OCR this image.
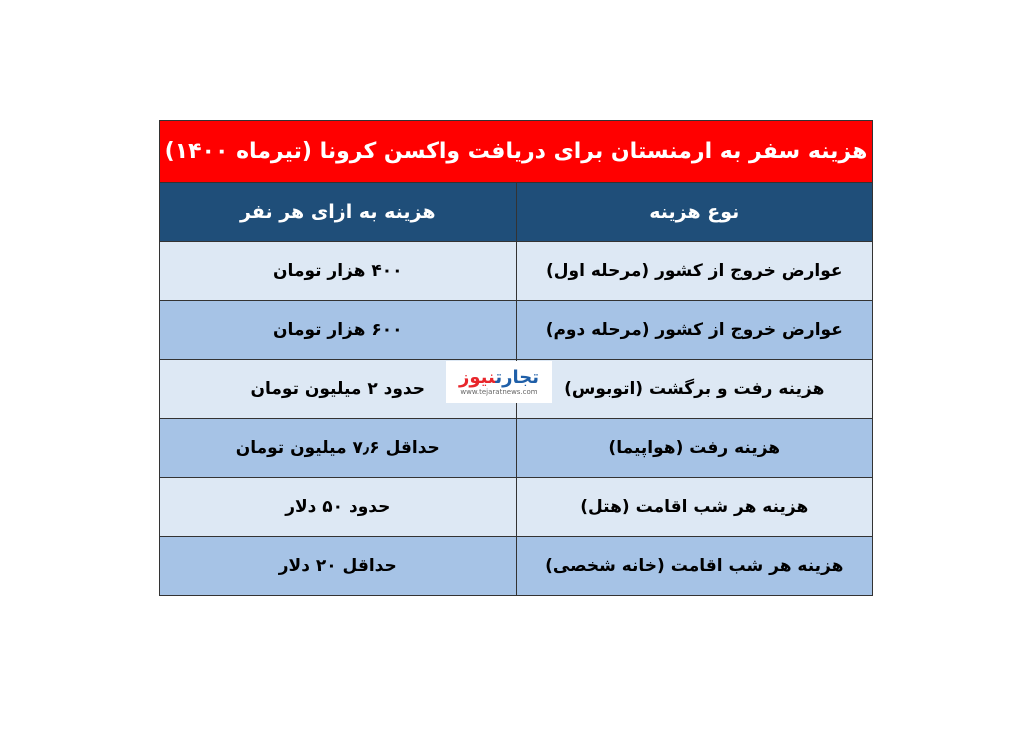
هزینه سفر به ارمنستان برای دریافت واکسن کرونا (تیرماه ۱۴۰۰)
نوع هزینه
هزینه به ازای هر نفر
عوارض خروج از کشور (مرحله اول)
۴۰۰ هزار تومان
عوارض خروج از کشور (مرحله دوم)
۶۰۰ هزار تومان
هزینه رفت و برگشت (اتوبوس)
حدود ۲ میلیون تومان
هزینه رفت (هواپیما)
حداقل ۷٫۶ میلیون تومان
هزینه هر شب اقامت (هتل)
حدود ۵۰ دلار
هزینه هر شب اقامت (خانه شخصی)
حداقل ۲۰ دلار
تجارتنیوز
www.tejaratnews.com
